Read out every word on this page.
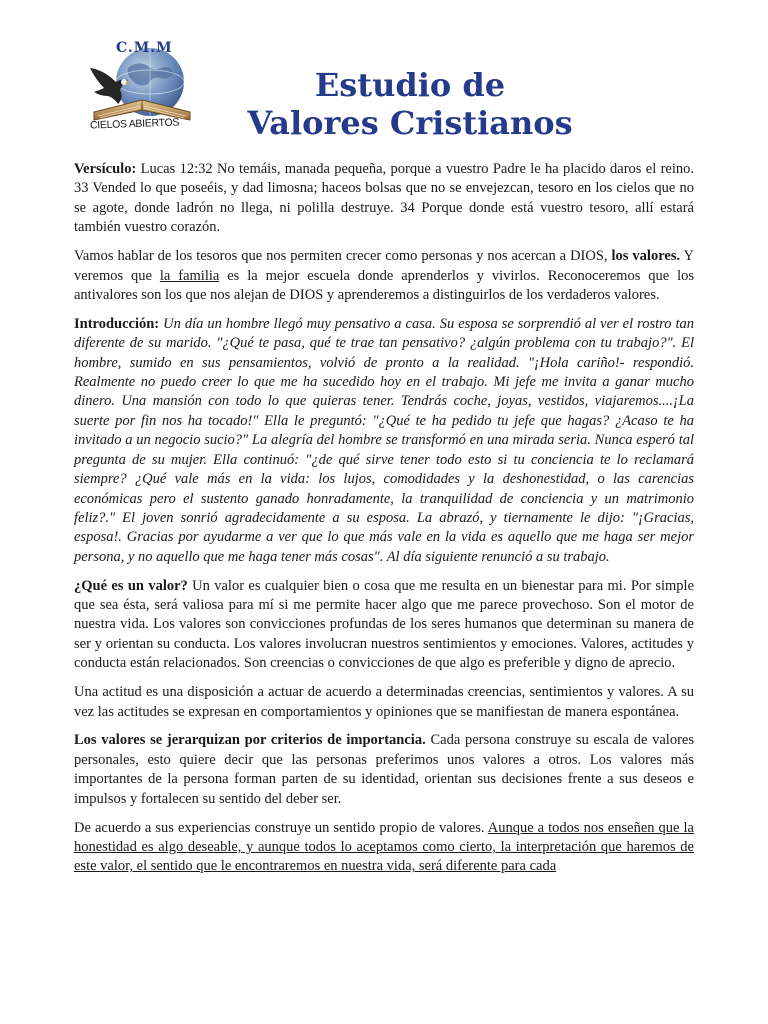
C.M.M
CIELOS ABIERTOS
Estudio de
Valores Cristianos

Versículo: Lucas 12:32 No temáis, manada pequeña, porque a vuestro Padre le ha placido daros el reino. 33 Vended lo que poseéis, y dad limosna; haceos bolsas que no se envejezcan, tesoro en los cielos que no se agote, donde ladrón no llega, ni polilla destruye. 34 Porque donde está vuestro tesoro, allí estará también vuestro corazón.

Vamos hablar de los tesoros que nos permiten crecer como personas y nos acercan a DIOS, los valores. Y veremos que la familia es la mejor escuela donde aprenderlos y vivirlos. Reconoceremos que los antivalores son los que nos alejan de DIOS y aprenderemos a distinguirlos de los verdaderos valores.

Introducción: Un día un hombre llegó muy pensativo a casa. Su esposa se sorprendió al ver el rostro tan diferente de su marido. "¿Qué te pasa, qué te trae tan pensativo? ¿algún problema con tu trabajo?". El hombre, sumido en sus pensamientos, volvió de pronto a la realidad. "¡Hola cariño!- respondió. Realmente no puedo creer lo que me ha sucedido hoy en el trabajo. Mi jefe me invita a ganar mucho dinero. Una mansión con todo lo que quieras tener. Tendrás coche, joyas, vestidos, viajaremos....¡La suerte por fin nos ha tocado!" Ella le preguntó: "¿Qué te ha pedido tu jefe que hagas? ¿Acaso te ha invitado a un negocio sucio?" La alegría del hombre se transformó en una mirada seria. Nunca esperó tal pregunta de su mujer. Ella continuó: "¿de qué sirve tener todo esto si tu conciencia te lo reclamará siempre? ¿Qué vale más en la vida: los lujos, comodidades y la deshonestidad, o las carencias económicas pero el sustento ganado honradamente, la tranquilidad de conciencia y un matrimonio feliz?." El joven sonrió agradecidamente a su esposa. La abrazó, y tiernamente le dijo: "¡Gracias, esposa!. Gracias por ayudarme a ver que lo que más vale en la vida es aquello que me haga ser mejor persona, y no aquello que me haga tener más cosas". Al día siguiente renunció a su trabajo.

¿Qué es un valor? Un valor es cualquier bien o cosa que me resulta en un bienestar para mi. Por simple que sea ésta, será valiosa para mí si me permite hacer algo que me parece provechoso. Son el motor de nuestra vida. Los valores son convicciones profundas de los seres humanos que determinan su manera de ser y orientan su conducta. Los valores involucran nuestros sentimientos y emociones. Valores, actitudes y conducta están relacionados. Son creencias o convicciones de que algo es preferible y digno de aprecio.

Una actitud es una disposición a actuar de acuerdo a determinadas creencias, sentimientos y valores. A su vez las actitudes se expresan en comportamientos y opiniones que se manifiestan de manera espontánea.

Los valores se jerarquizan por criterios de importancia. Cada persona construye su escala de valores personales, esto quiere decir que las personas preferimos unos valores a otros. Los valores más importantes de la persona forman parten de su identidad, orientan sus decisiones frente a sus deseos e impulsos y fortalecen su sentido del deber ser.

De acuerdo a sus experiencias construye un sentido propio de valores. Aunque a todos nos enseñen que la honestidad es algo deseable, y aunque todos lo aceptamos como cierto, la interpretación que haremos de este valor, el sentido que le encontraremos en nuestra vida, será diferente para cada
